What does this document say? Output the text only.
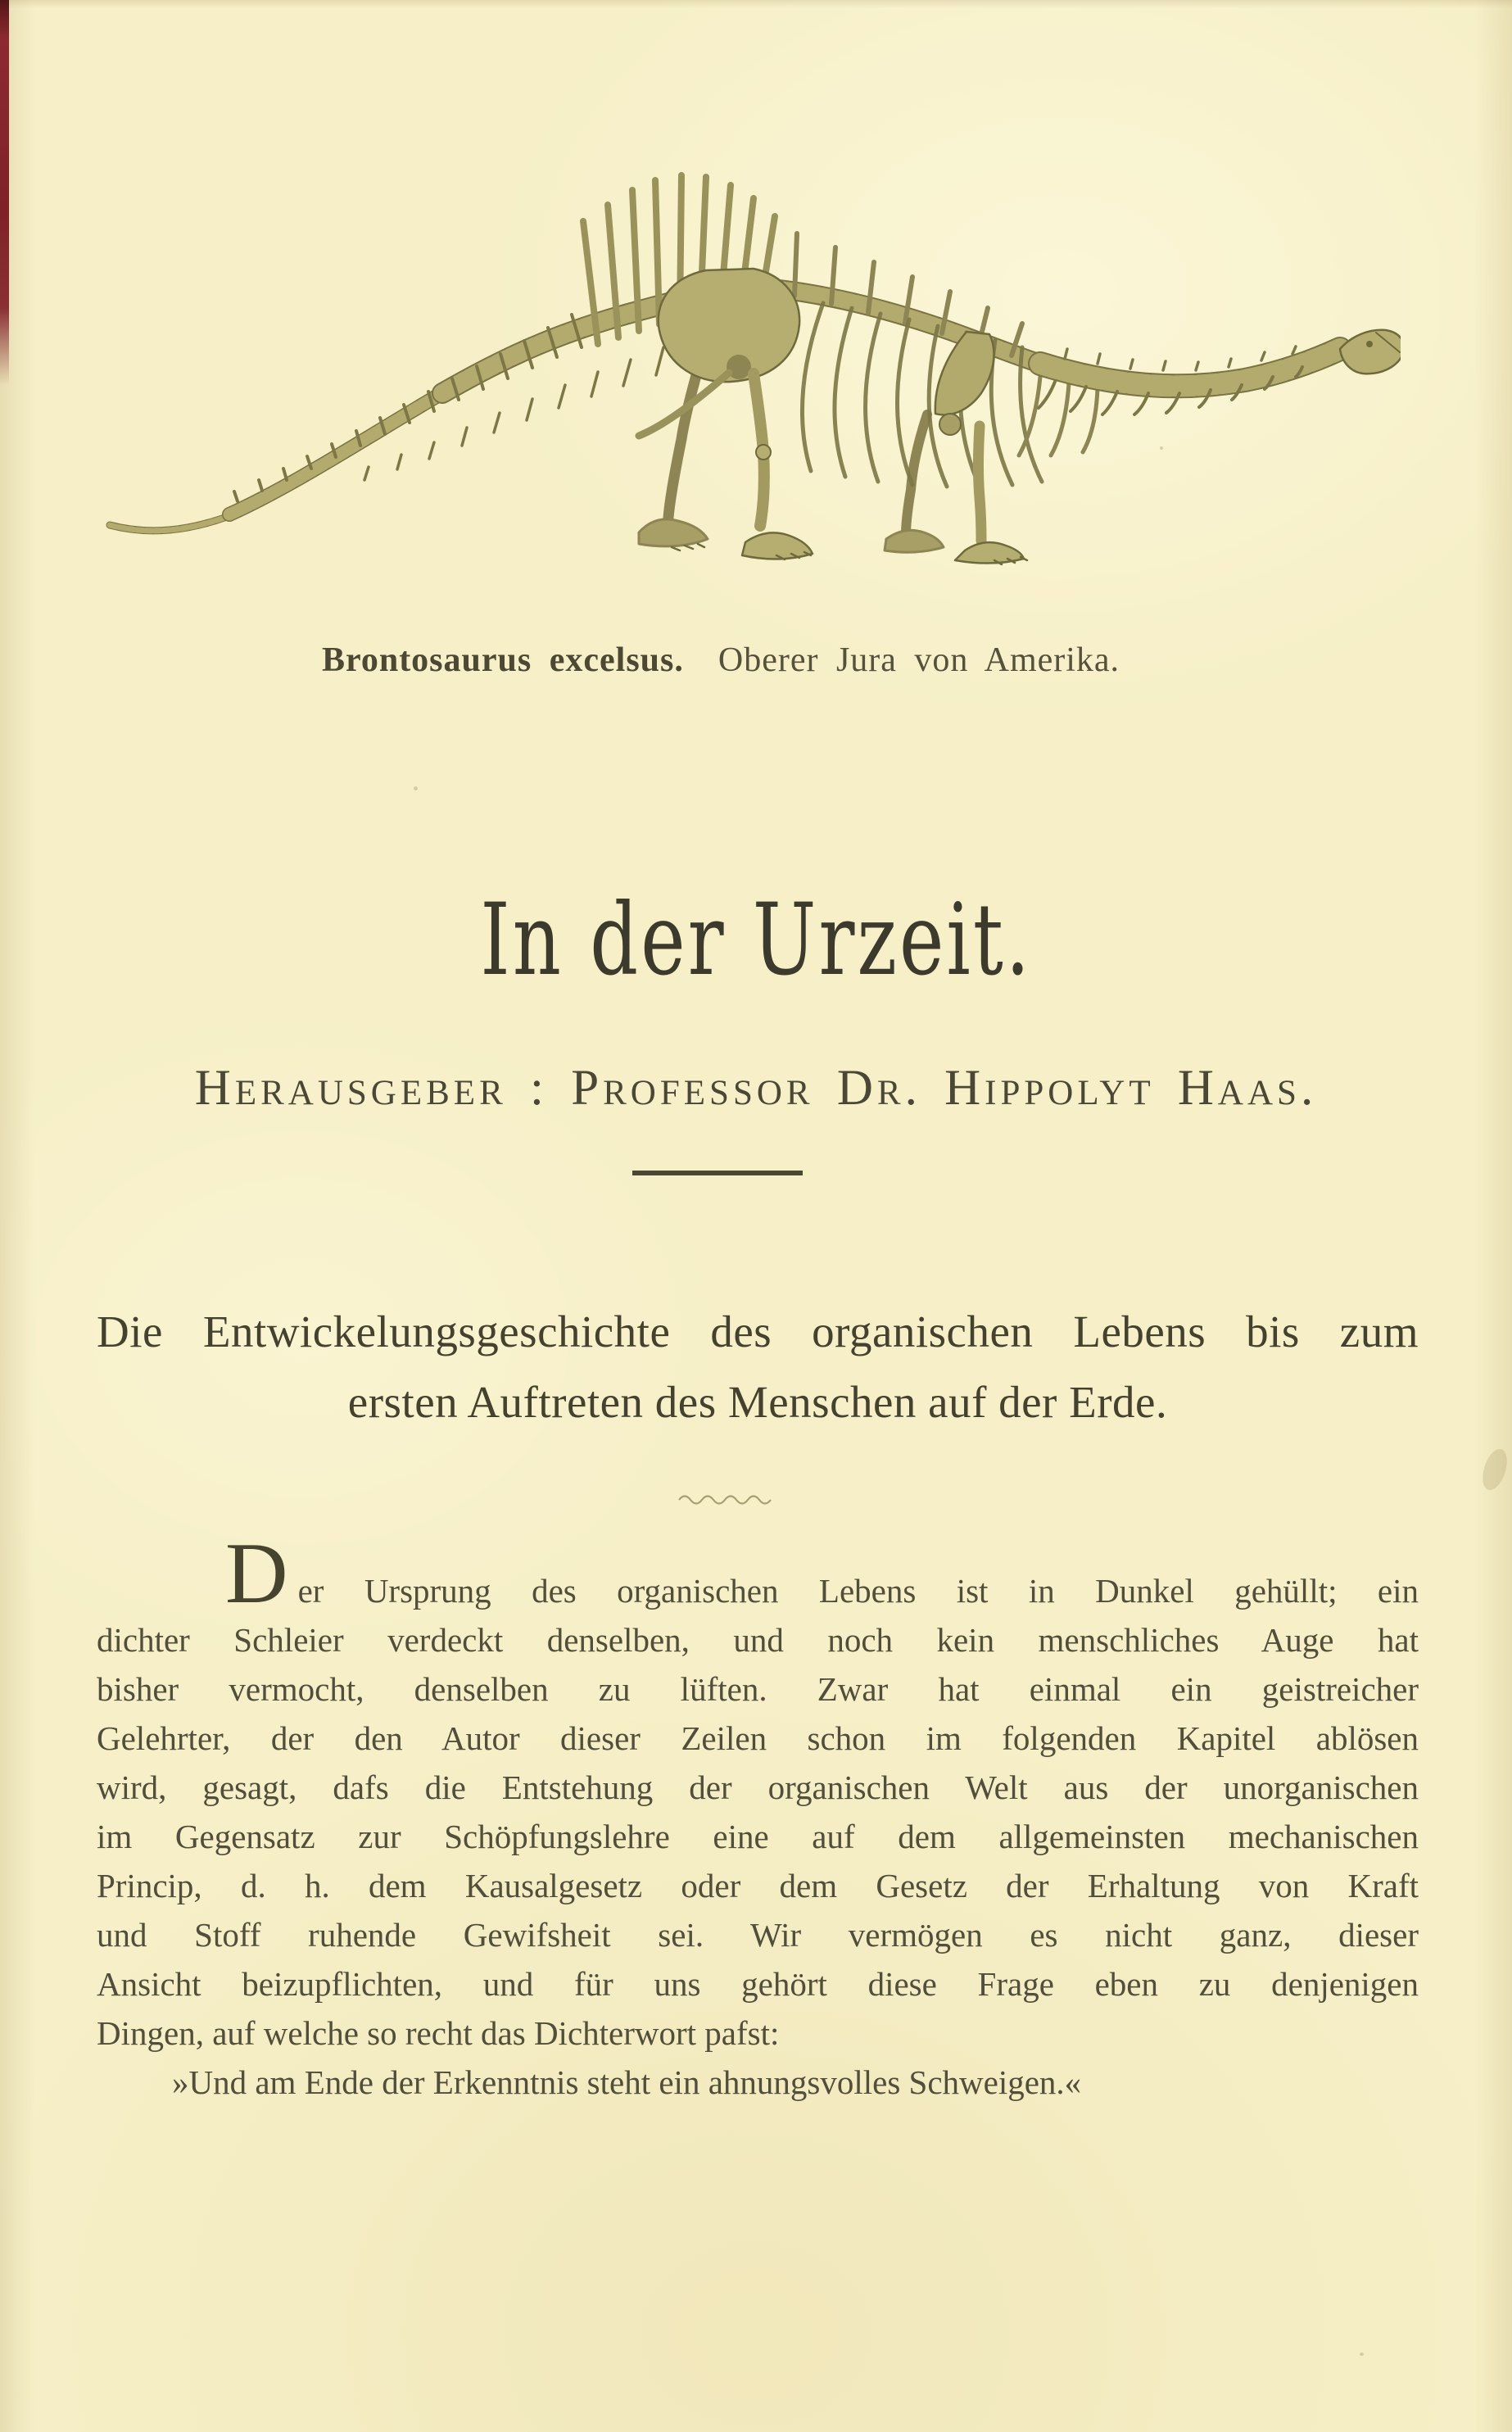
Brontosaurus excelsus. Oberer Jura von Amerika.
In der Urzeit.
Herausgeber : Professor Dr. Hippolyt Haas.
Die Entwickelungsgeschichte des organischen Lebens bis zum
ersten Auftreten des Menschen auf der Erde.
Der Ursprung des organischen Lebens ist in Dunkel gehüllt; ein
dichter Schleier verdeckt denselben, und noch kein menschliches Auge hat
bisher vermocht, denselben zu lüften. Zwar hat einmal ein geistreicher
Gelehrter, der den Autor dieser Zeilen schon im folgenden Kapitel ablösen
wird, gesagt, dafs die Entstehung der organischen Welt aus der unorganischen
im Gegensatz zur Schöpfungslehre eine auf dem allgemeinsten mechanischen
Princip, d. h. dem Kausalgesetz oder dem Gesetz der Erhaltung von Kraft
und Stoff ruhende Gewifsheit sei. Wir vermögen es nicht ganz, dieser
Ansicht beizupflichten, und für uns gehört diese Frage eben zu denjenigen
Dingen, auf welche so recht das Dichterwort pafst:
»Und am Ende der Erkenntnis steht ein ahnungsvolles Schweigen.«
